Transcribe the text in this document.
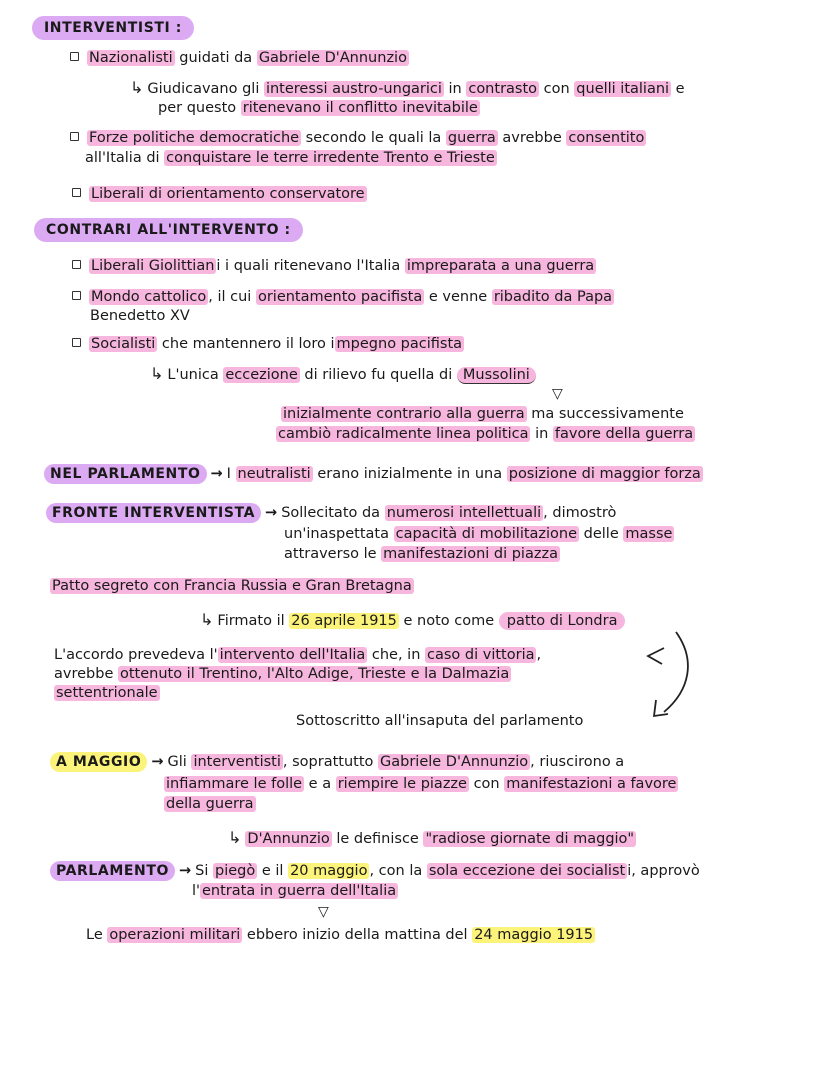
INTERVENTISTI :
Nazionalisti guidati da Gabriele D'Annunzio
↳ Giudicavano gli interessi austro-ungarici in contrasto con quelli italiani e
per questo ritenevano il conflitto inevitabile
Forze politiche democratiche secondo le quali la guerra avrebbe consentito
all'Italia di conquistare le terre irredente Trento e Trieste
Liberali di orientamento conservatore
CONTRARI ALL'INTERVENTO :
Liberali Giolittian i i quali ritenevano l'Italia impreparata a una guerra
Mondo cattolico , il cui orientamento pacifista e venne ribadito da Papa
Benedetto XV
Socialisti che mantennero il loro i mpegno pacifista
↳ L'unica eccezione di rilievo fu quella di Mussolini
▽
inizialmente contrario alla guerra ma successivamente
cambiò radicalmente linea politica in favore della guerra
NEL PARLAMENTO → I neutralisti erano inizialmente in una posizione di maggior forza
FRONTE INTERVENTISTA → Sollecitato da numerosi intellettuali , dimostrò
un'inaspettata capacità di mobilitazione delle masse
attraverso le manifestazioni di piazza
Patto segreto con Francia Russia e Gran Bretagna
↳ Firmato il 26 aprile 1915 e noto come patto di Londra
L'accordo prevedeva l' intervento dell'Italia che, in caso di vittoria ,
avrebbe ottenuto il Trentino, l'Alto Adige, Trieste e la Dalmazia
settentrionale
Sottoscritto all'insaputa del parlamento
A MAGGIO → Gli interventisti , soprattutto Gabriele D'Annunzio , riuscirono a
infiammare le folle e a riempire le piazze con manifestazioni a favore
della guerra
↳ D'Annunzio le definisce "radiose giornate di maggio"
PARLAMENTO → Si piegò e il 20 maggio , con la sola eccezione dei socialist i, approvò
l' entrata in guerra dell'Italia
▽
Le operazioni militari ebbero inizio della mattina del 24 maggio 1915
